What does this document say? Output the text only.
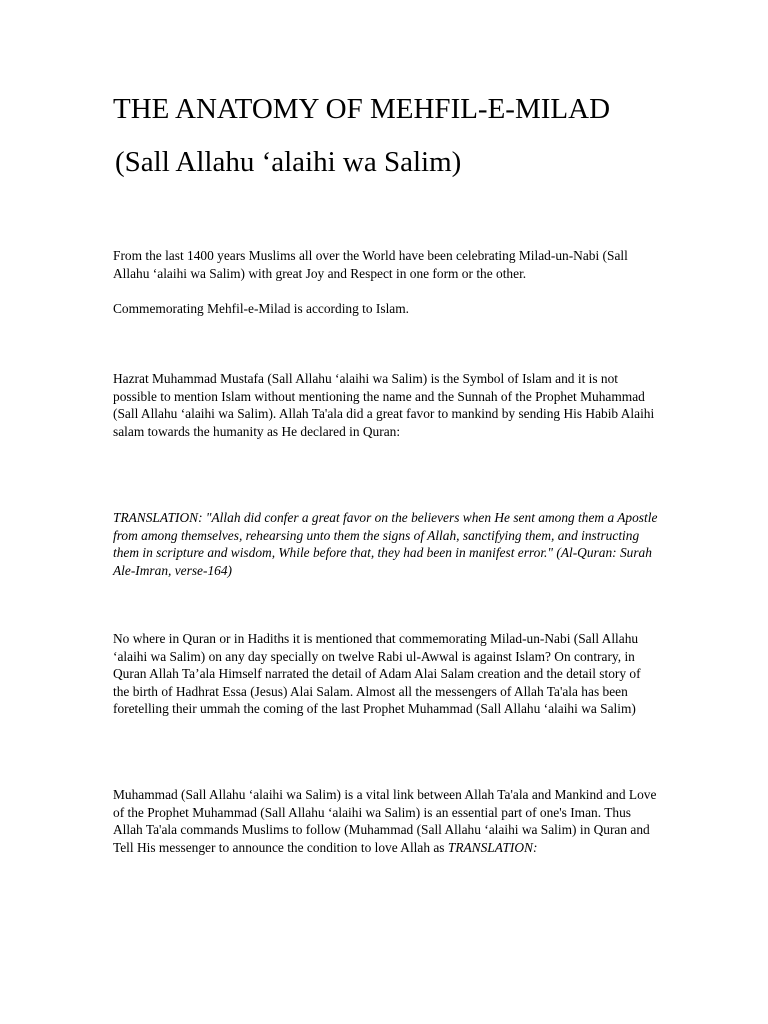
THE ANATOMY OF MEHFIL-E-MILAD
(Sall Allahu ‘alaihi wa Salim)

From the last 1400 years Muslims all over the World have been celebrating Milad-un-Nabi (Sall Allahu ‘alaihi wa Salim) with great Joy and Respect in one form or the other.

Commemorating Mehfil-e-Milad is according to Islam.

Hazrat Muhammad Mustafa (Sall Allahu ‘alaihi wa Salim) is the Symbol of Islam and it is not possible to mention Islam without mentioning the name and the Sunnah of the Prophet Muhammad (Sall Allahu ‘alaihi wa Salim). Allah Ta'ala did a great favor to mankind by sending His Habib Alaihi salam towards the humanity as He declared in Quran:

TRANSLATION: "Allah did confer a great favor on the believers when He sent among them a Apostle from among themselves, rehearsing unto them the signs of Allah, sanctifying them, and instructing them in scripture and wisdom, While before that, they had been in manifest error." (Al-Quran: Surah Ale-Imran, verse-164)

No where in Quran or in Hadiths it is mentioned that commemorating Milad-un-Nabi (Sall Allahu ‘alaihi wa Salim) on any day specially on twelve Rabi ul-Awwal is against Islam? On contrary, in Quran Allah Ta’ala Himself narrated the detail of Adam Alai Salam creation and the detail story of the birth of Hadhrat Essa (Jesus) Alai Salam. Almost all the messengers of Allah Ta'ala has been foretelling their ummah the coming of the last Prophet Muhammad (Sall Allahu ‘alaihi wa Salim)

Muhammad (Sall Allahu ‘alaihi wa Salim) is a vital link between Allah Ta'ala and Mankind and Love of the Prophet Muhammad (Sall Allahu ‘alaihi wa Salim) is an essential part of one's Iman. Thus Allah Ta'ala commands Muslims to follow (Muhammad (Sall Allahu ‘alaihi wa Salim) in Quran and Tell His messenger to announce the condition to love Allah as TRANSLATION:
